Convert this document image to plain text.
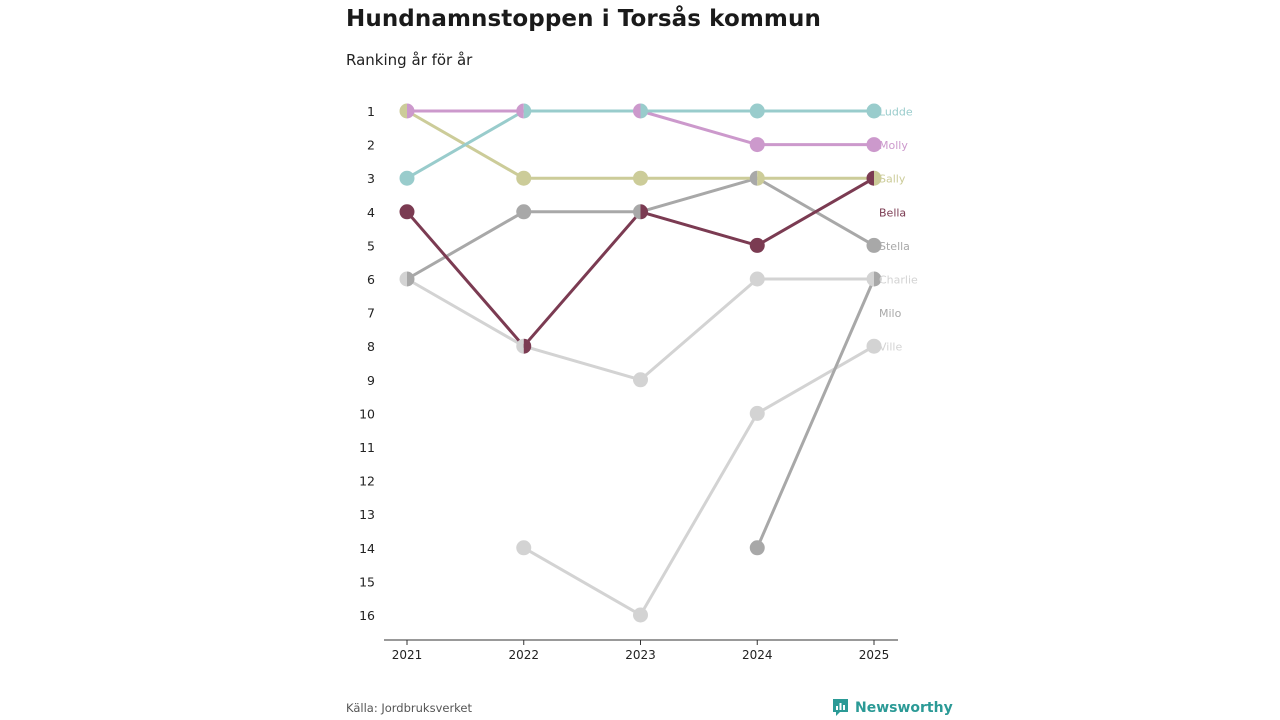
Hundnamnstoppen i Torsås kommun
Ranking år för år
1
2
3
4
5
6
7
8
9
10
11
12
13
14
15
16
2021	2022	2023	2024	2025
Ludde
Molly
Sally
Bella
Stella
Charlie
Milo
Ville
Källa: Jordbruksverket	Newsworthy
